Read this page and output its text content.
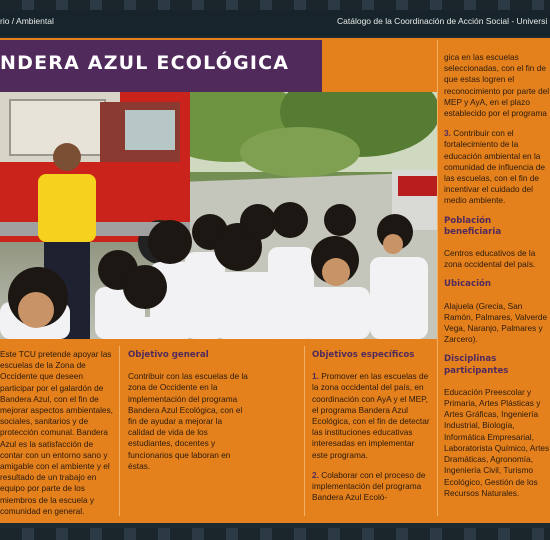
rio / Ambiental	Catálogo de la Coordinación de Acción Social - Universi
NDERA AZUL ECOLÓGICA

Este TCU pretende apoyar las escuelas de la Zona de Occidente que deseen participar por el galardón de Bandera Azul, con el fin de mejorar aspectos ambientales, sociales, sanitarios y de protección comunal. Bandera Azul es la satisfacción de contar con un entorno sano y amigable con el ambiente y el resultado de un trabajo en equipo por parte de los miembros de la escuela y comunidad en general.

Objetivo general

Contribuir con las escuelas de la zona de Occidente en la implementación del programa Bandera Azul Ecológica, con el fin de ayudar a mejorar la calidad de vida de los estudiantes, docentes y funcionarios que laboran en éstas.

Objetivos específicos

1. Promover en las escuelas de la zona occidental del país, en coordinación con AyA y el MEP, el programa Bandera Azul Ecológica, con el fin de detectar las instituciones educativas interesadas en implementar este programa.

2. Colaborar con el proceso de implementación del programa Bandera Azul Ecoló-

gica en las escuelas seleccionadas, con el fin de que estas logren el reconocimiento por parte del MEP y AyA, en el plazo establecido por el programa

3. Contribuir con el fortalecimiento de la educación ambiental en la comunidad de influencia de las escuelas, con el fin de incentivar el cuidado del medio ambiente.

Población beneficiaria

Centros educativos de la zona occidental del país.

Ubicación

Alajuela (Grecia, San Ramón, Palmares, Valverde Vega, Naranjo, Palmares y Zarcero).

Disciplinas participantes

Educación Preescolar y Primaria, Artes Plásticas y Artes Gráficas, Ingeniería Industrial, Biología, Informática Empresarial, Laboratorista Químico, Artes Dramáticas, Agronomía, Ingeniería Civil, Turismo Ecológico, Gestión de los Recursos Naturales.
